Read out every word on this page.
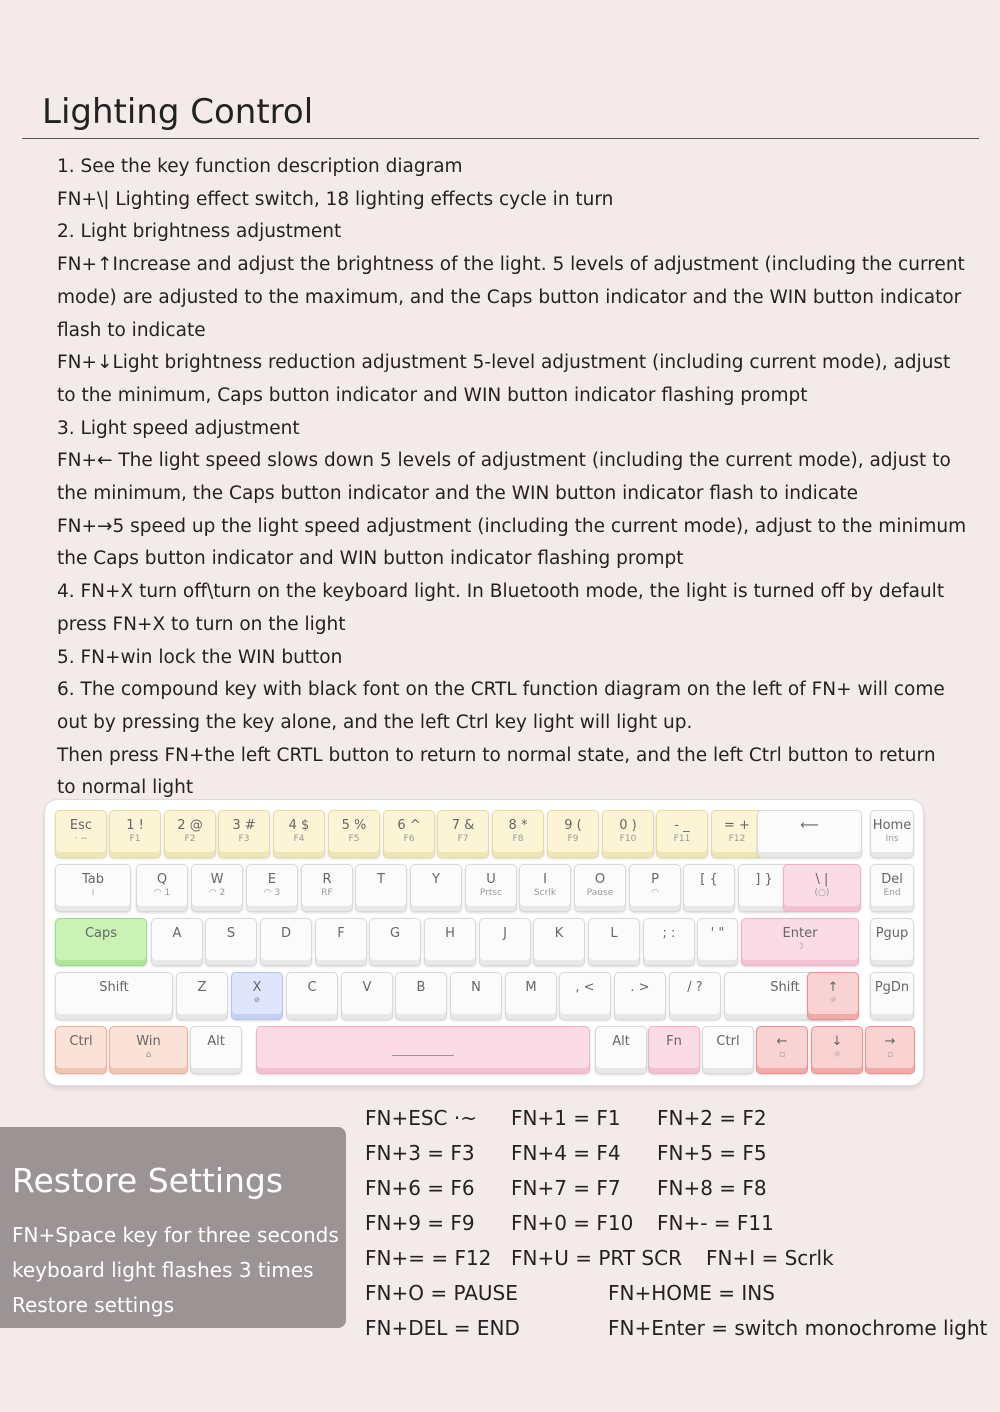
Lighting Control

1. See the key function description diagram

FN+\| Lighting effect switch, 18 lighting effects cycle in turn

2. Light brightness adjustment

FN+↑Increase and adjust the brightness of the light. 5 levels of adjustment (including the current

mode) are adjusted to the maximum, and the Caps button indicator and the WIN button indicator

flash to indicate

FN+↓Light brightness reduction adjustment 5-level adjustment (including current mode), adjust

to the minimum, Caps button indicator and WIN button indicator flashing prompt

3. Light speed adjustment

FN+← The light speed slows down 5 levels of adjustment (including the current mode), adjust to

the minimum, the Caps button indicator and the WIN button indicator flash to indicate

FN+→5 speed up the light speed adjustment (including the current mode), adjust to the minimum

the Caps button indicator and WIN button indicator flashing prompt

4. FN+X turn off\turn on the keyboard light. In Bluetooth mode, the light is turned off by default

press FN+X to turn on the light

5. FN+win lock the WIN button

6. The compound key with black font on the CRTL function diagram on the left of FN+ will come

out by pressing the key alone, and the left Ctrl key light will light up.

Then press FN+the left CRTL button to return to normal state, and the left Ctrl button to return

to normal light

Esc
· ∼
1 !
F1
2 @
F2
3 #
F3
4 $
F4
5 %
F5
6 ^
F6
7 &
F7
8 *
F8
9 (
F9
0 )
F10
- _
F11
= +
F12
⟵	Home
Ins
Tab
≀
Q
◠ 1
W
◠ 2
E
◠ 3
R
RF
T	Y	U
Prtsc
I
Scrlk
O
Pause
P
◠
[ {	] }	\ |
(○)
Del
End
Caps	A	S	D	F	G	H	J	K	L	; :	' "	Enter
☽
Pgup
Shift	Z	X
✵
C	V	B	N	M	, <	. >	/ ?	Shift	↑
☼
PgDn
Ctrl	Win
⌂
Alt	Alt	Fn	Ctrl	←
▫
↓
☼
→
▫
Restore Settings
FN+Space key for three seconds
keyboard light flashes 3 times
Restore settings
FN+ESC ·~ FN+1 = F1 FN+2 = F2
FN+3 = F3 FN+4 = F4 FN+5 = F5
FN+6 = F6 FN+7 = F7 FN+8 = F8
FN+9 = F9 FN+0 = F10 FN+- = F11
FN+= = F12 FN+U = PRT SCR FN+I = Scrlk
FN+O = PAUSE	FN+HOME = INS
FN+DEL = END	FN+Enter = switch monochrome light
